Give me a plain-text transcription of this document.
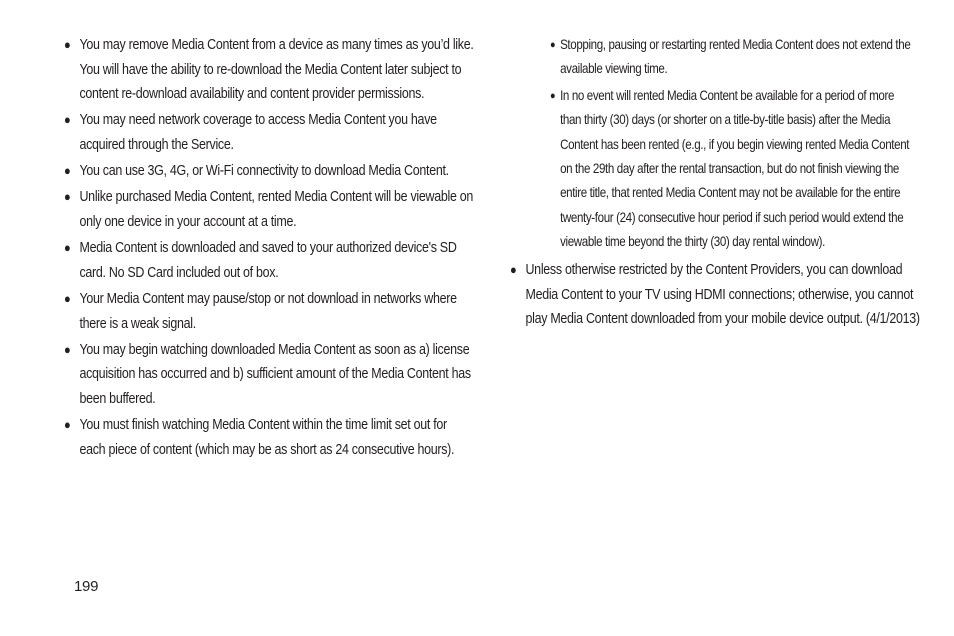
● You may remove Media Content from a device as many times as you’d like. You will have the ability to re-download the Media Content later subject to content re-download availability and content provider permissions.
● You may need network coverage to access Media Content you have acquired through the Service.
● You can use 3G, 4G, or Wi-Fi connectivity to download Media Content.
● Unlike purchased Media Content, rented Media Content will be viewable on only one device in your account at a time.
● Media Content is downloaded and saved to your authorized device's SD card. No SD Card included out of box.
● Your Media Content may pause/stop or not download in networks where there is a weak signal.
● You may begin watching downloaded Media Content as soon as a) license acquisition has occurred and b) sufficient amount of the Media Content has been buffered.
● You must finish watching Media Content within the time limit set out for each piece of content (which may be as short as 24 consecutive hours).
● Stopping, pausing or restarting rented Media Content does not extend the available viewing time.
● In no event will rented Media Content be available for a period of more than thirty (30) days (or shorter on a title-by-title basis) after the Media Content has been rented (e.g., if you begin viewing rented Media Content on the 29th day after the rental transaction, but do not finish viewing the entire title, that rented Media Content may not be available for the entire twenty-four (24) consecutive hour period if such period would extend the viewable time beyond the thirty (30) day rental window).
● Unless otherwise restricted by the Content Providers, you can download Media Content to your TV using HDMI connections; otherwise, you cannot play Media Content downloaded from your mobile device output. (4/1/2013)
199
